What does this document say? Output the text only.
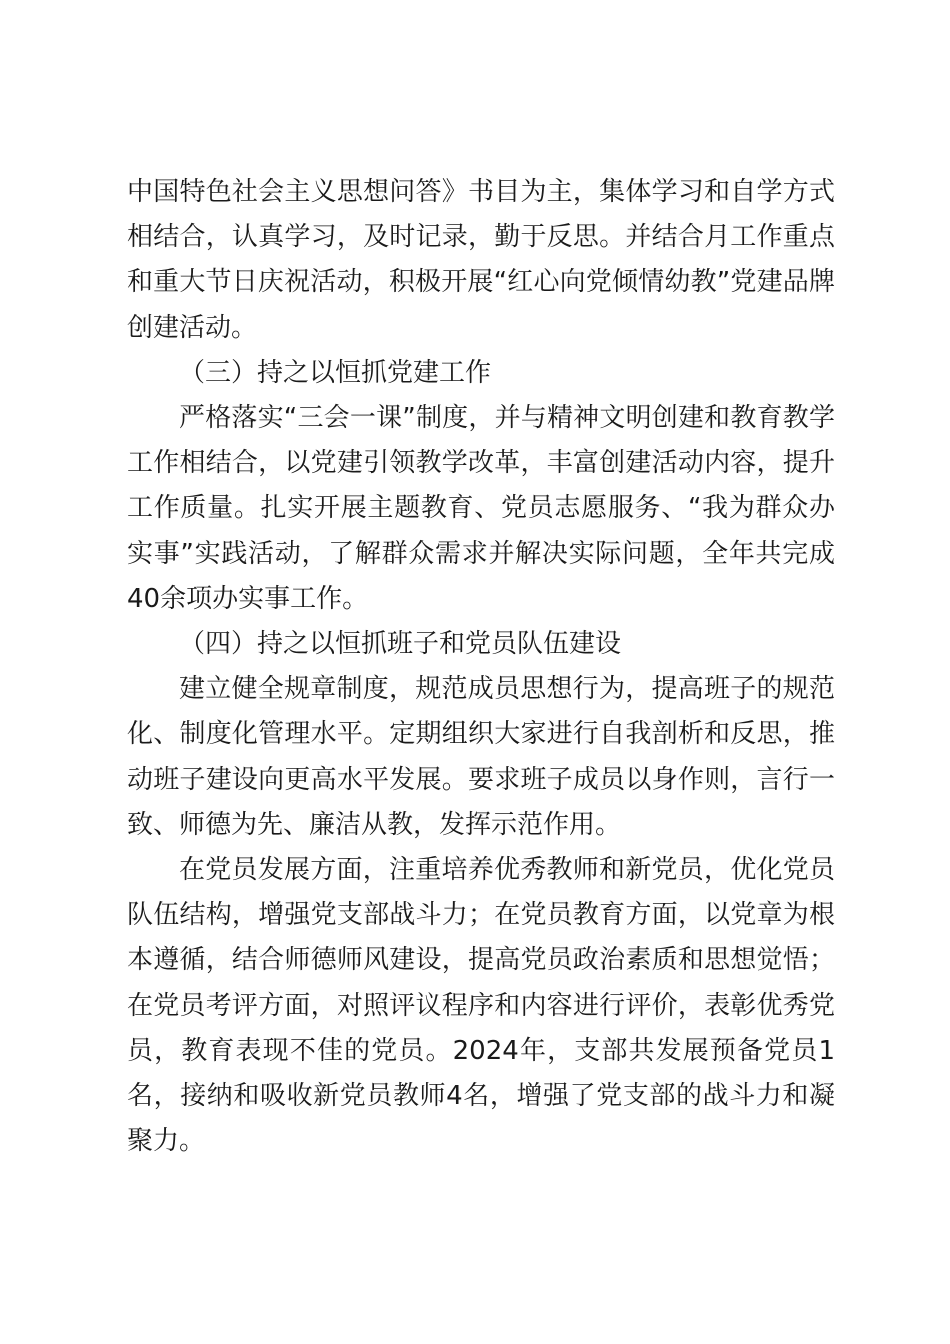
中国特色社会主义思想问答》书目为主，集体学习和自学方式相结合，认真学习，及时记录，勤于反思。并结合月工作重点和重大节日庆祝活动，积极开展“红心向党倾情幼教”党建品牌创建活动。

（三）持之以恒抓党建工作

严格落实“三会一课”制度，并与精神文明创建和教育教学工作相结合，以党建引领教学改革，丰富创建活动内容，提升工作质量。扎实开展主题教育、党员志愿服务、“我为群众办实事”实践活动，了解群众需求并解决实际问题，全年共完成40余项办实事工作。

（四）持之以恒抓班子和党员队伍建设

建立健全规章制度，规范成员思想行为，提高班子的规范化、制度化管理水平。定期组织大家进行自我剖析和反思，推动班子建设向更高水平发展。要求班子成员以身作则，言行一致、师德为先、廉洁从教，发挥示范作用。

在党员发展方面，注重培养优秀教师和新党员，优化党员队伍结构，增强党支部战斗力；在党员教育方面，以党章为根本遵循，结合师德师风建设，提高党员政治素质和思想觉悟；在党员考评方面，对照评议程序和内容进行评价，表彰优秀党员，教育表现不佳的党员。2024年，支部共发展预备党员1名，接纳和吸收新党员教师4名，增强了党支部的战斗力和凝聚力。
